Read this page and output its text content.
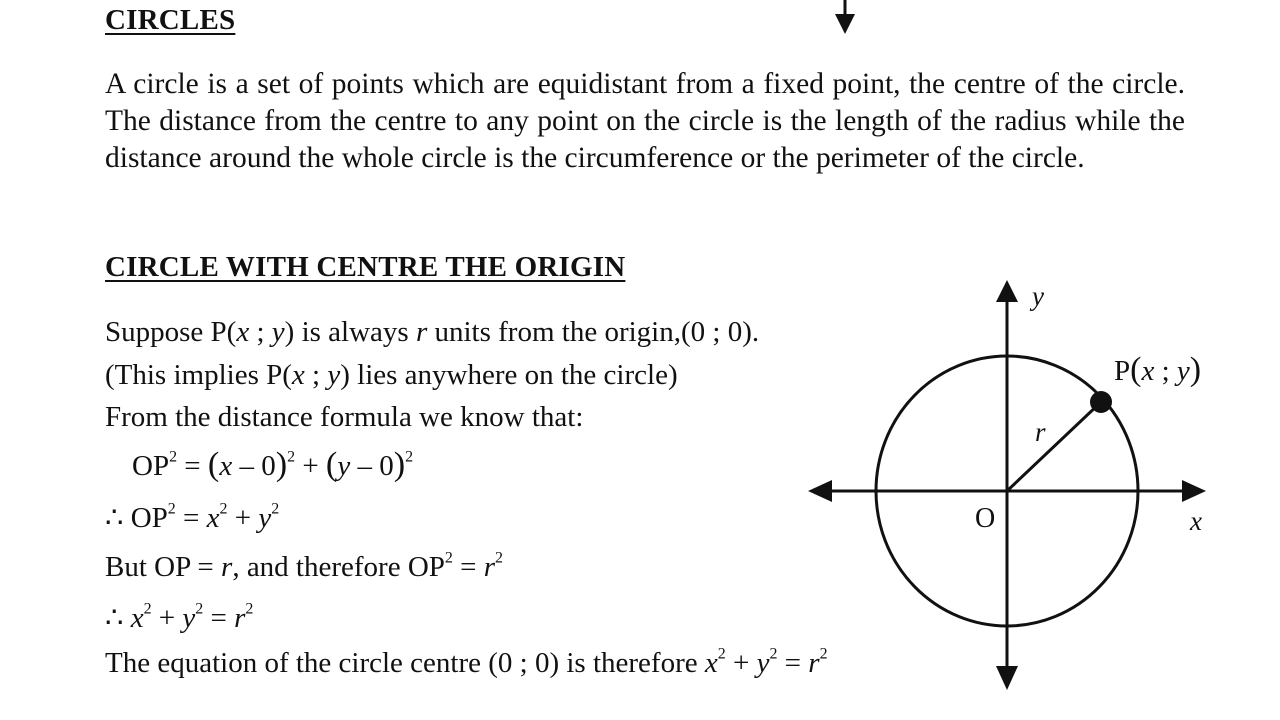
CIRCLES

A circle is a set of points which are equidistant from a fixed point, the centre of the circle. The distance from the centre to any point on the circle is the length of the radius while the distance around the whole circle is the circumference or the perimeter of the circle.

CIRCLE WITH CENTRE THE ORIGIN

Suppose P(x ; y) is always r units from the origin,(0 ; 0).

(This implies P(x ; y) lies anywhere on the circle)

From the distance formula we know that:

$OP^2 = (x - 0)^2 + (y - 0)^2$

∴ $OP^2 = x^2 + y^2$

But OP = r, and therefore $OP^2 = r^2$

∴ $x^2 + y^2 = r^2$

The equation of the circle centre (0 ; 0) is therefore $x^2 + y^2 = r^2$

y
x
O
r
P(x ; y)
